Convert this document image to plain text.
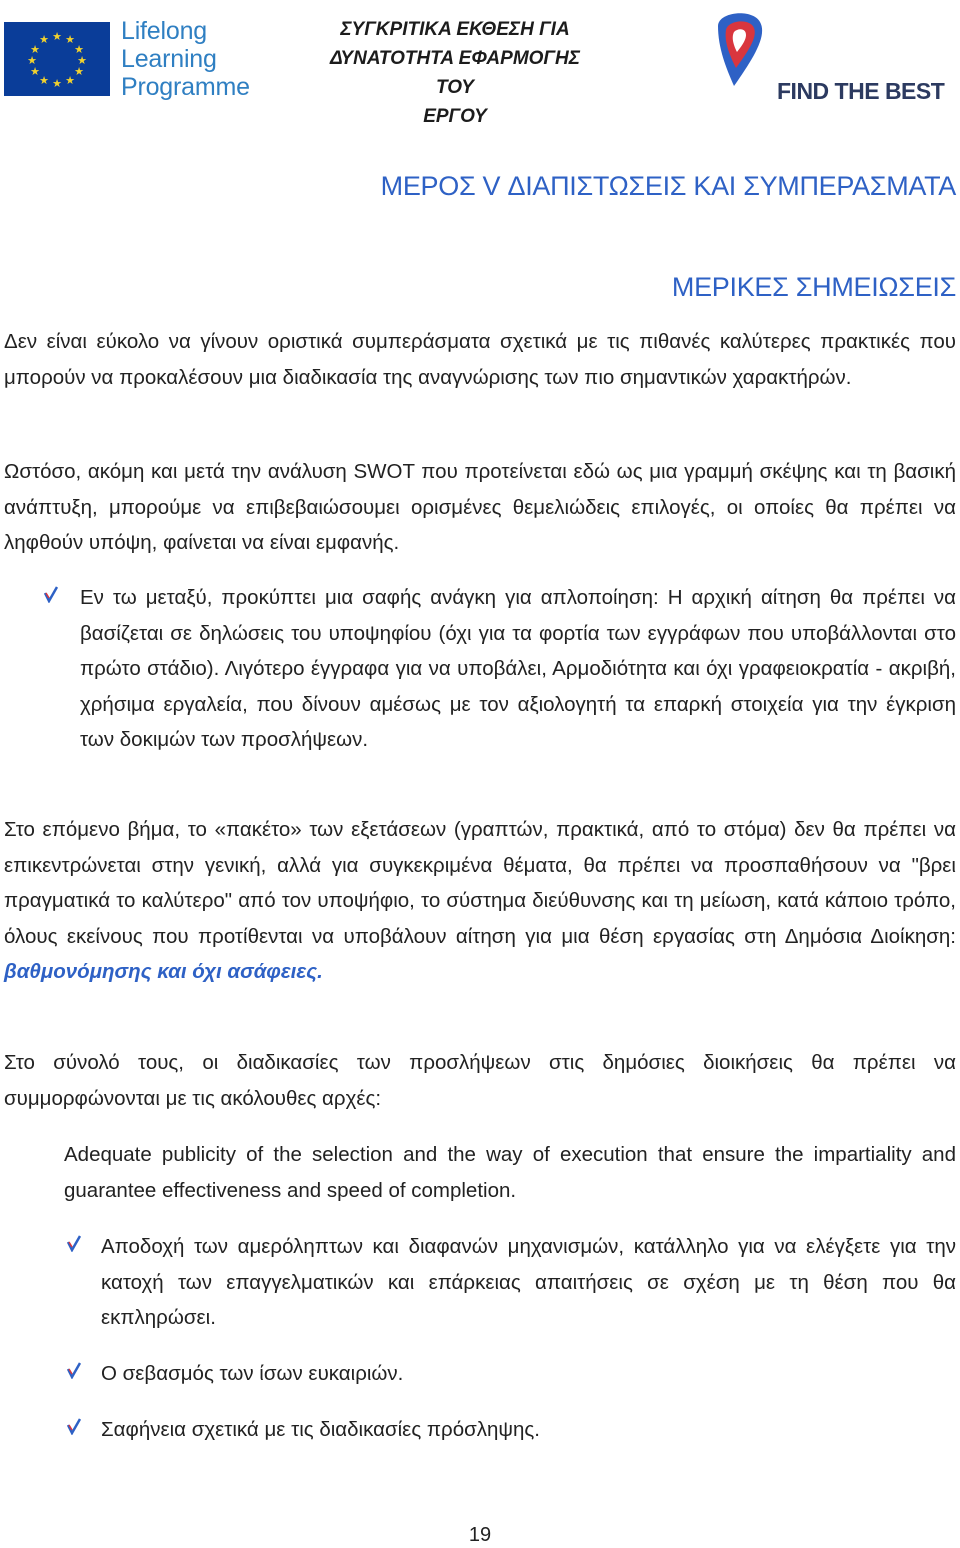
★ ★
★
★
★
★
★
★
★
★
★
★	Lifelong
Learning
Programme
ΣΥΓΚΡΙΤΙΚΑ ΕΚΘΕΣΗ ΓΙΑ
ΔΥΝΑΤΟΤΗΤΑ ΕΦΑΡΜΟΓΗΣ ΤΟΥ
ΕΡΓΟΥ
FIND THE BEST
ΜΕΡΟΣ V ΔΙΑΠΙΣΤΩΣΕΙΣ ΚΑΙ ΣΥΜΠΕΡΑΣΜΑΤΑ
ΜΕΡΙΚΕΣ ΣΗΜΕΙΩΣΕΙΣ
Δεν είναι εύκολο να γίνουν οριστικά συμπεράσματα σχετικά με τις πιθανές καλύτερες πρακτικές που μπορούν να προκαλέσουν μια διαδικασία της αναγνώρισης των πιο σημαντικών χαρακτήρών.
Ωστόσο, ακόμη και μετά την ανάλυση SWOT που προτείνεται εδώ ως μια γραμμή σκέψης και τη βασική ανάπτυξη, μπορούμε να επιβεβαιώσουμει ορισμένες θεμελιώδεις επιλογές, οι οποίες θα πρέπει να ληφθούν υπόψη, φαίνεται να είναι εμφανής.
Εν τω μεταξύ, προκύπτει μια σαφής ανάγκη για απλοποίηση: Η αρχική αίτηση θα πρέπει να βασίζεται σε δηλώσεις του υποψηφίου (όχι για τα φορτία των εγγράφων που υποβάλλονται στο πρώτο στάδιο). Λιγότερο έγγραφα για να υποβάλει, Αρμοδιότητα και όχι γραφειοκρατία - ακριβή, χρήσιμα εργαλεία, που δίνουν αμέσως με τον αξιολογητή τα επαρκή στοιχεία για την έγκριση των δοκιμών των προσλήψεων.
Στο επόμενο βήμα, το «πακέτο» των εξετάσεων (γραπτών, πρακτικά, από το στόμα) δεν θα πρέπει να επικεντρώνεται στην γενική, αλλά για συγκεκριμένα θέματα, θα πρέπει να προσπαθήσουν να "βρει πραγματικά το καλύτερο" από τον υποψήφιο, το σύστημα διεύθυνσης και τη μείωση, κατά κάποιο τρόπο, όλους εκείνους που προτίθενται να υποβάλουν αίτηση για μια θέση εργασίας στη Δημόσια Διοίκηση: βαθμονόμησης και όχι ασάφειες.
Στο σύνολό τους, οι διαδικασίες των προσλήψεων στις δημόσιες διοικήσεις θα πρέπει να συμμορφώνονται με τις ακόλουθες αρχές:
Adequate publicity of the selection and the way of execution that ensure the impartiality and guarantee effectiveness and speed of completion.
Αποδοχή των αμερόληπτων και διαφανών μηχανισμών, κατάλληλο για να ελέγξετε για την κατοχή των επαγγελματικών και επάρκειας απαιτήσεις σε σχέση με τη θέση που θα εκπληρώσει.
Ο σεβασμός των ίσων ευκαιριών.
Σαφήνεια σχετικά με τις διαδικασίες πρόσληψης.
19
